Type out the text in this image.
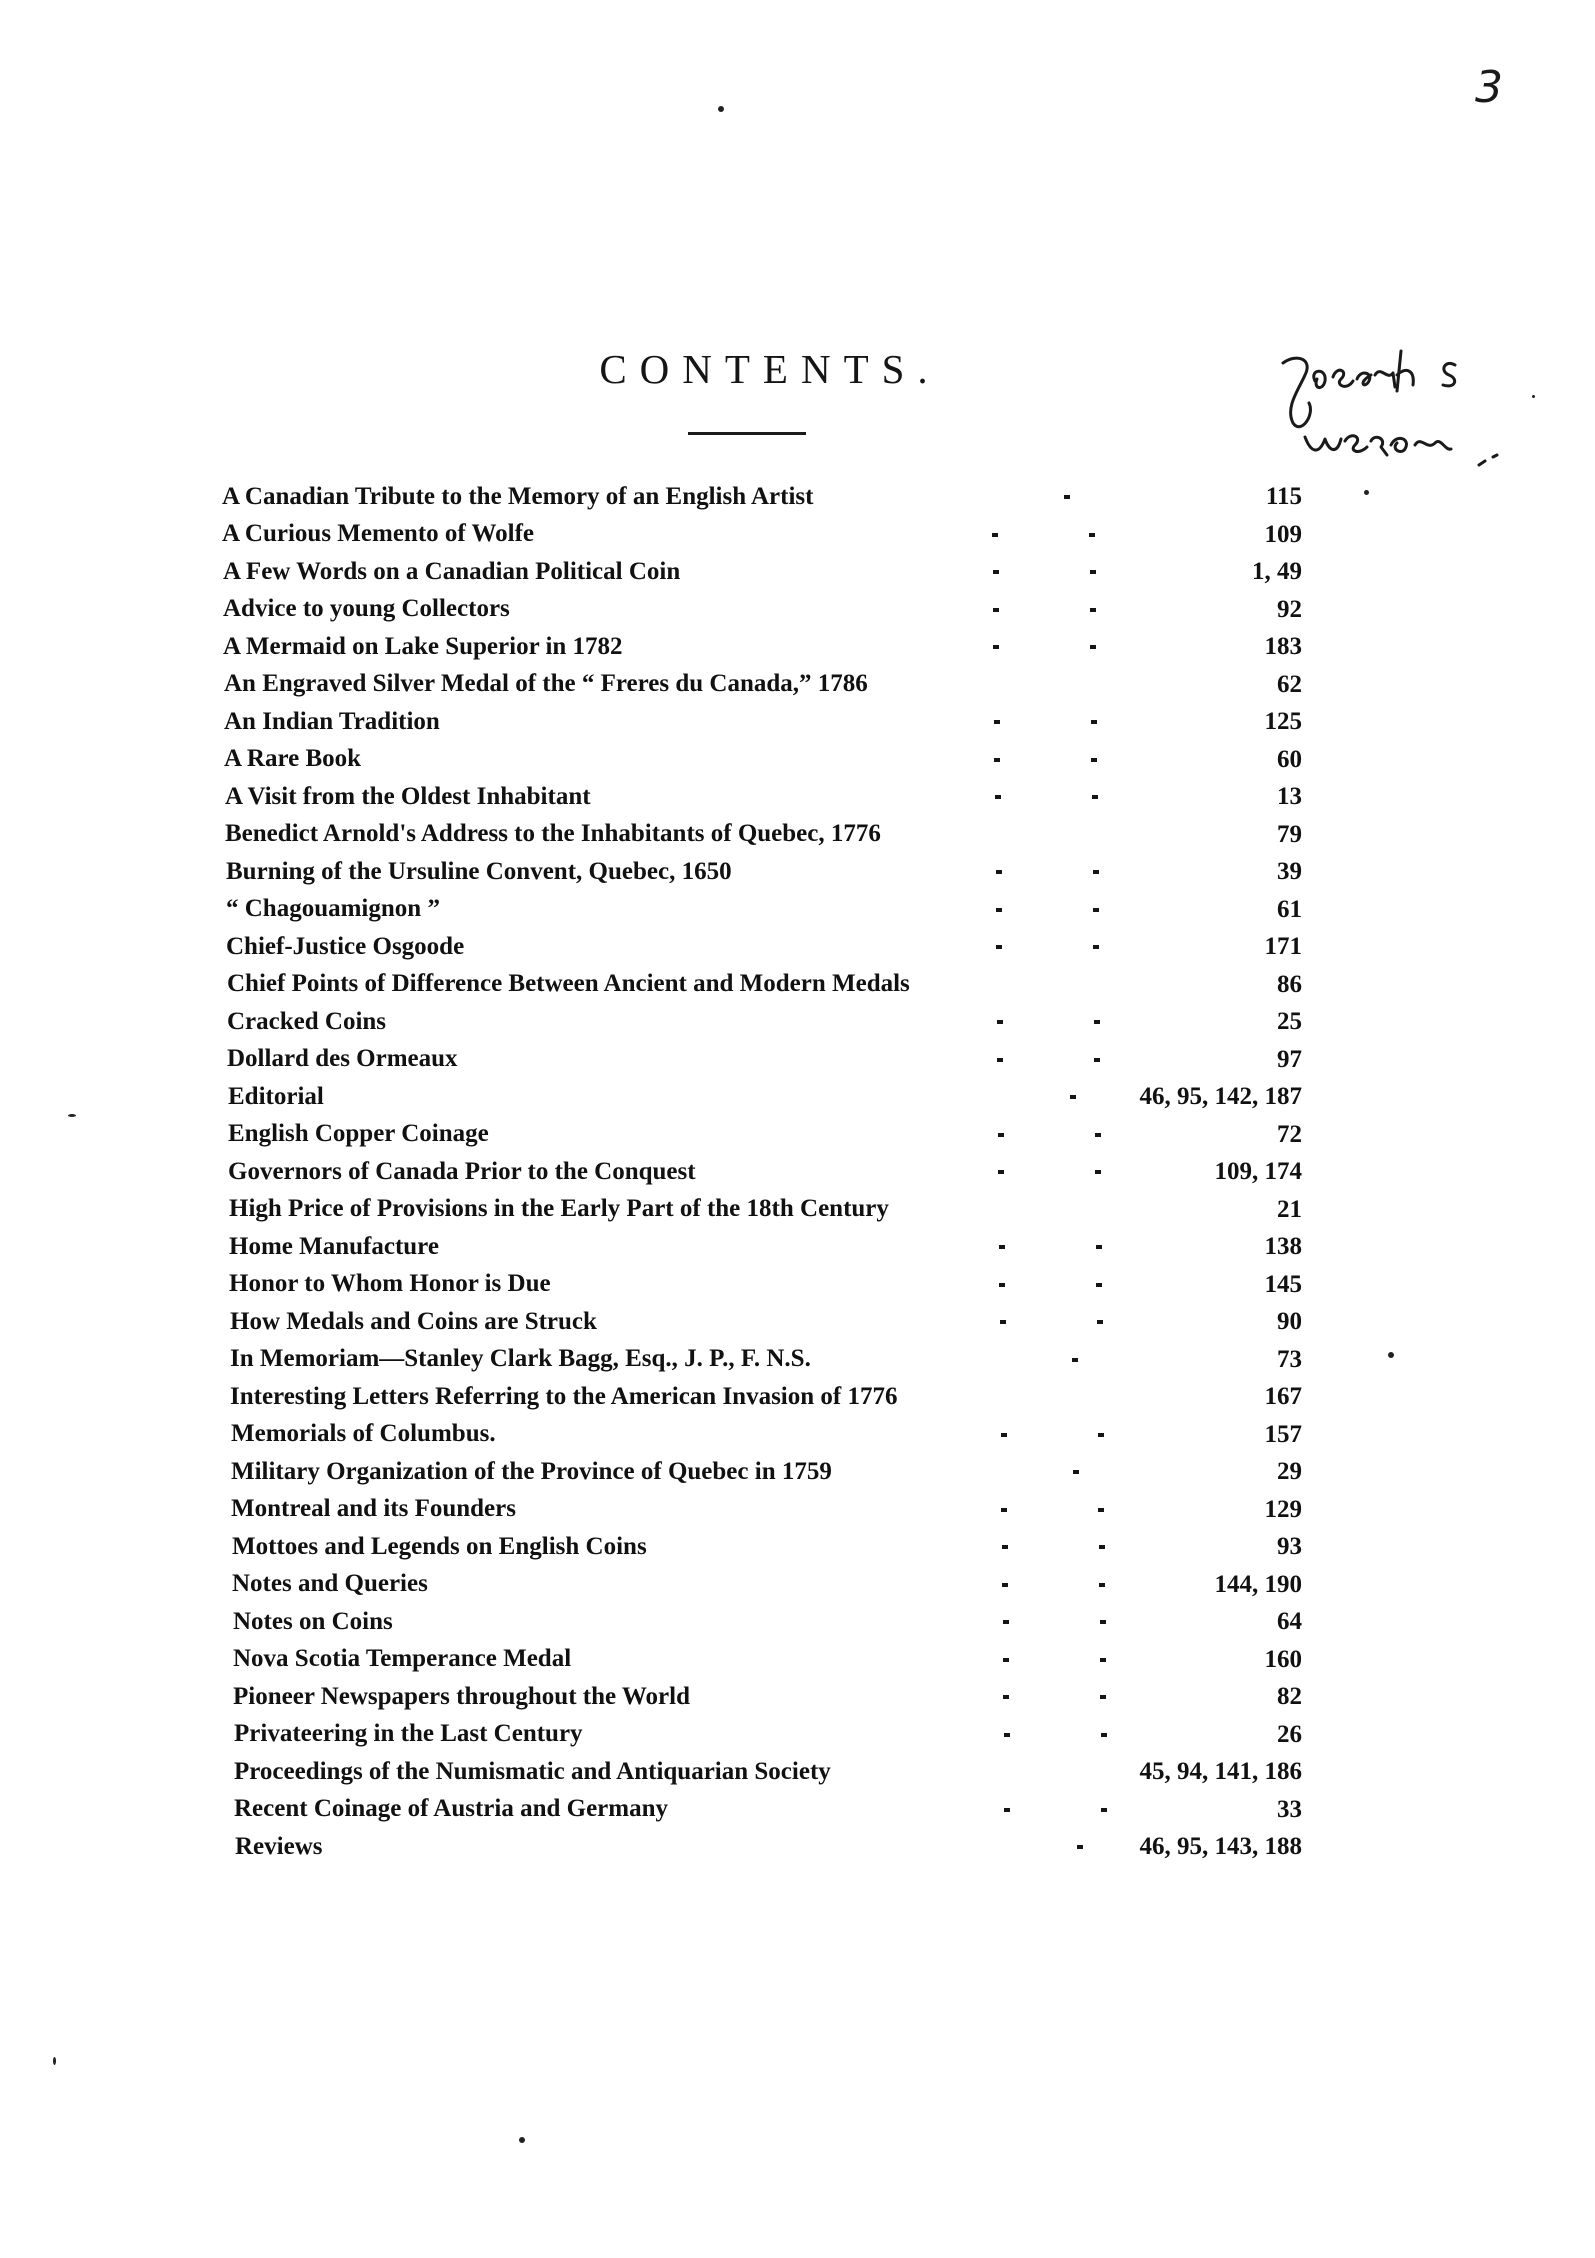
3
CONTENTS.
A Canadian Tribute to the Memory of an English Artist	115
A Curious Memento of Wolfe	109
A Few Words on a Canadian Political Coin	1, 49
Advice to young Collectors	92
A Mermaid on Lake Superior in 1782	183
An Engraved Silver Medal of the “ Freres du Canada,” 1786	62
An Indian Tradition	125
A Rare Book	60
A Visit from the Oldest Inhabitant	13
Benedict Arnold's Address to the Inhabitants of Quebec, 1776	79
Burning of the Ursuline Convent, Quebec, 1650	39
“ Chagouamignon ”	61
Chief-Justice Osgoode	171
Chief Points of Difference Between Ancient and Modern Medals	86
Cracked Coins	25
Dollard des Ormeaux	97
Editorial	46, 95, 142, 187
English Copper Coinage	72
Governors of Canada Prior to the Conquest	109, 174
High Price of Provisions in the Early Part of the 18th Century	21
Home Manufacture	138
Honor to Whom Honor is Due	145
How Medals and Coins are Struck	90
In Memoriam—Stanley Clark Bagg, Esq., J. P., F. N.S.	73
Interesting Letters Referring to the American Invasion of 1776	167
Memorials of Columbus.	157
Military Organization of the Province of Quebec in 1759	29
Montreal and its Founders	129
Mottoes and Legends on English Coins	93
Notes and Queries	144, 190
Notes on Coins	64
Nova Scotia Temperance Medal	160
Pioneer Newspapers throughout the World	82
Privateering in the Last Century	26
Proceedings of the Numismatic and Antiquarian Society	45, 94, 141, 186
Recent Coinage of Austria and Germany	33
Reviews	46, 95, 143, 188
